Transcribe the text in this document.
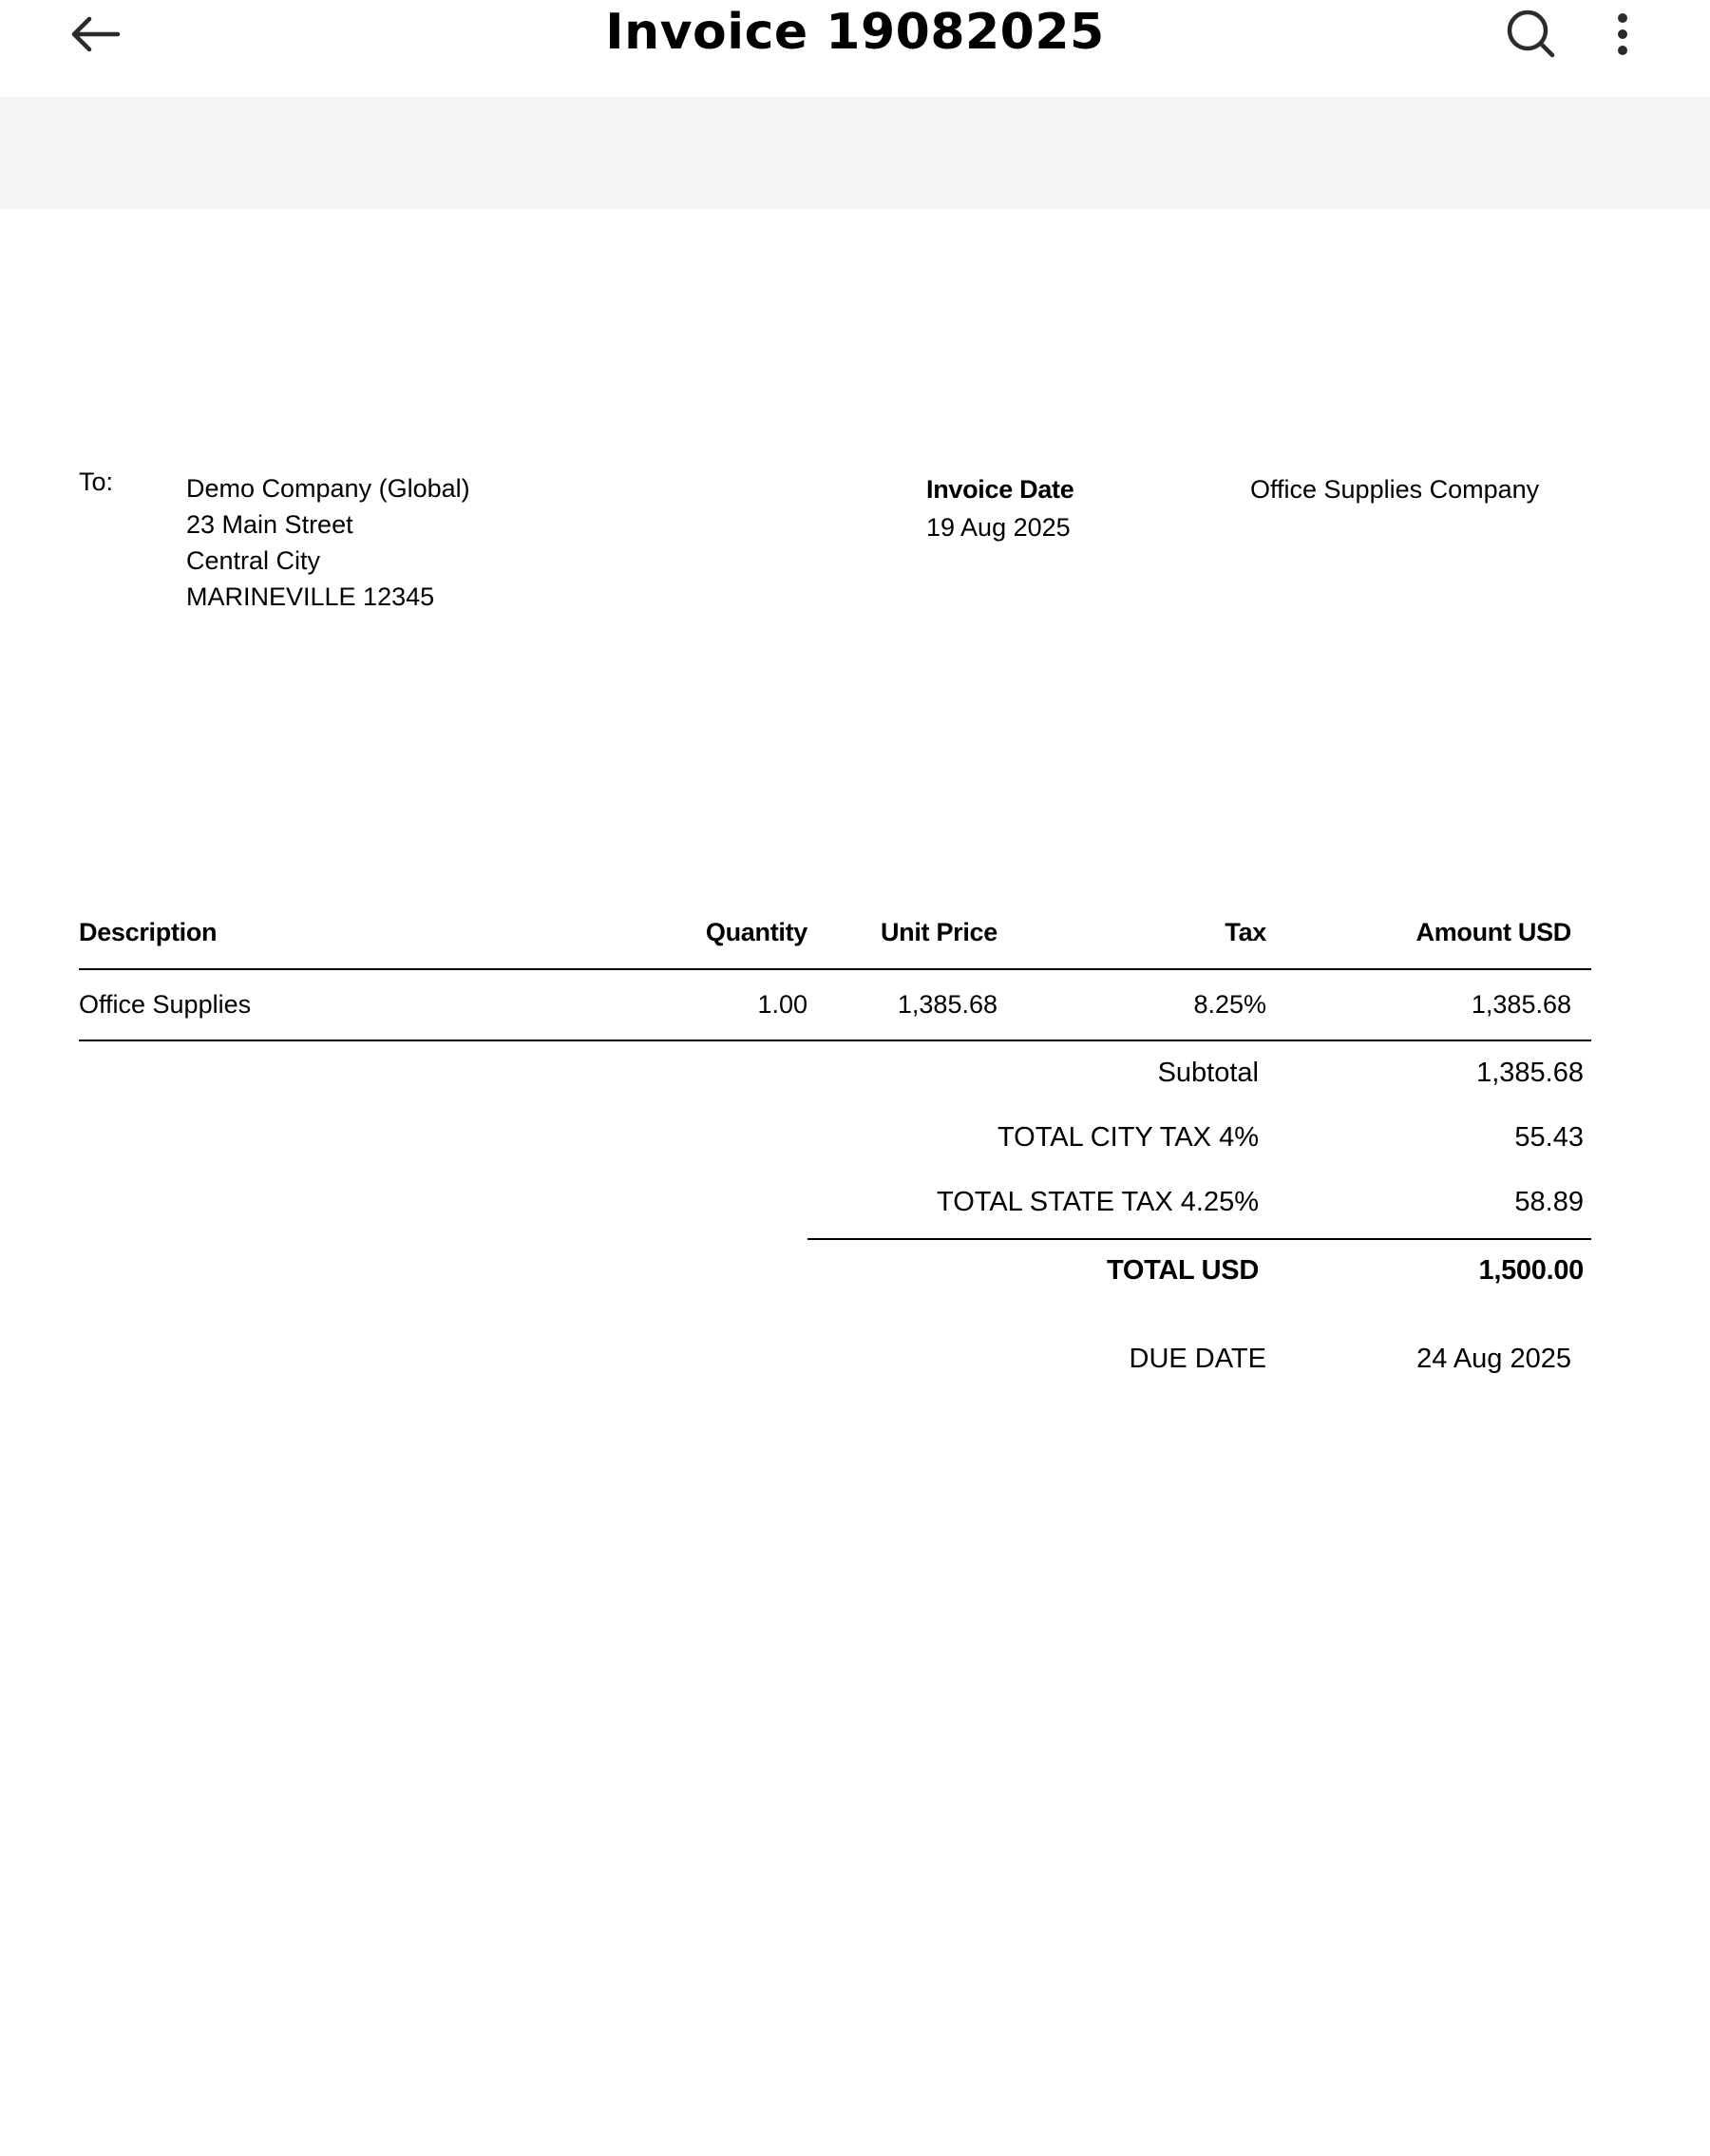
Invoice 19082025
To:	Demo Company (Global)
23 Main Street
Central City
MARINEVILLE 12345
Invoice Date
19 Aug 2025
Office Supplies Company
Description	Quantity	Unit Price	Tax	Amount USD
Office Supplies	1.00	1,385.68	8.25%	1,385.68
Subtotal	1,385.68
TOTAL CITY TAX 4%	55.43
TOTAL STATE TAX 4.25%	58.89
TOTAL USD	1,500.00
DUE DATE	24 Aug 2025
